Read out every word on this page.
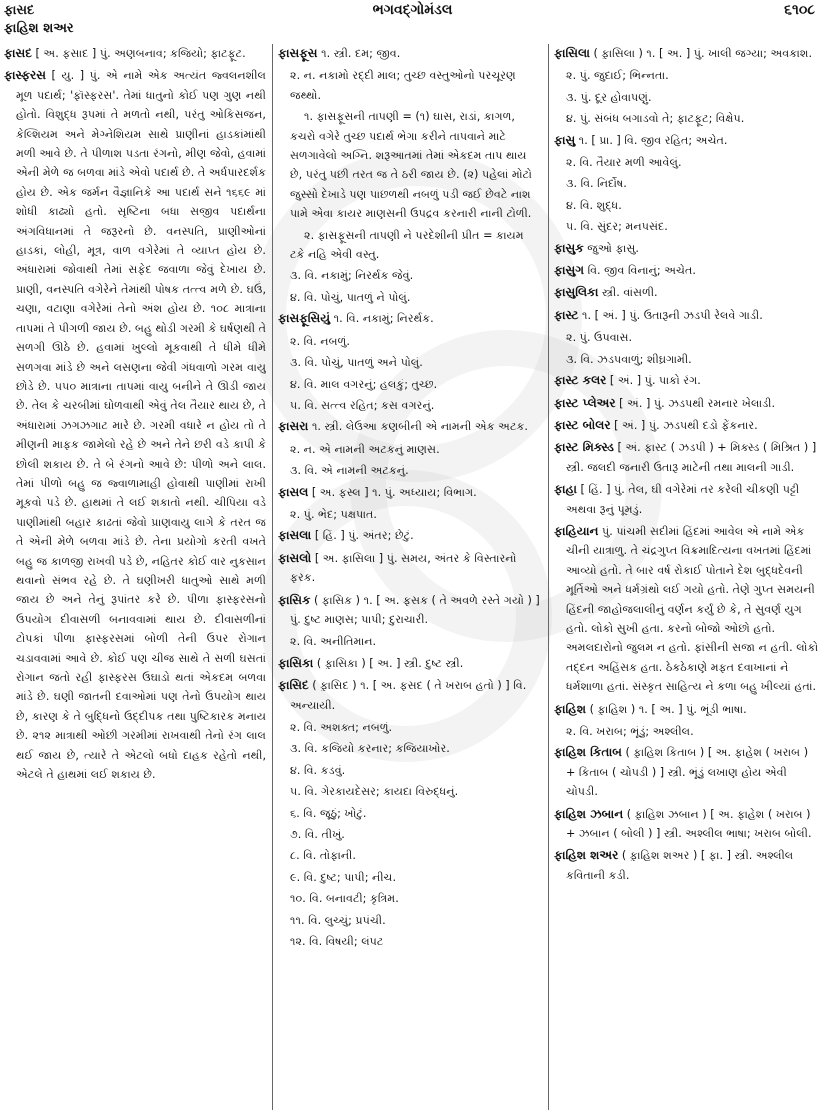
ફાસદ
ફાહિશ શઅર
ભગવદ્ગોમંડલ	૬૧૦૮
ફાસદ [ અ. ફસાદ ] પું. અણબનાવ; કજિયો; ફાટફૂટ.
ફાસ્ફરસ [ યુ. ] પું. એ નામે એક અત્યંત જ્વલનશીલ મૂળ પદાર્થ; 'ફૉસ્ફરસ'. તેમાં ધાતુનો કોઈ પણ ગુણ નથી હોતો. વિશુદ્ધ રૂપમાં તે મળતો નથી, પરંતુ ઓકિસજન, કેલ્શિયમ અને મેગ્નેશિયમ સાથે પ્રાણીનાં હાડકાંમાંથી મળી આવે છે. તે પીળાશ પડતા રંગનો, મીણ જેવો, હવામાં એની મેળે જ બળવા માંડે એવો પદાર્થ છે. તે અર્ધપારદર્શક હોય છે. એક જર્મન વૈજ્ઞાનિકે આ પદાર્થ સને ૧૬૬૯ માં શોધી કાઢ્યો હતો. સૃષ્ટિના બધા સજીવ પદાર્થના અંગવિધાનમાં તે જરૂરનો છે. વનસ્પતિ, પ્રાણીઓનાં હાડકાં, લોહી, મૂત્ર, વાળ વગેરેમાં તે વ્યાપ્ત હોય છે. અંધારામાં જોવાથી તેમાં સફેદ જવાળા જેવું દેખાય છે. પ્રાણી, વનસ્પતિ વગેરેને તેમાંથી પોષક તત્ત્વ મળે છે. ઘઉં, ચણા, વટાણા વગેરેમાં તેનો અંશ હોય છે. ૧૦૮ માત્રાના તાપમાં તે પીગળી જાય છે. બહુ થોડી ગરમી કે ઘર્ષણથી તે સળગી ઊઠે છે. હવામાં ખુલ્લો મૂકવાથી તે ધીમે ધીમે સળગવા માંડે છે અને લસણના જેવી ગંધવાળો ગરમ વાયુ છોડે છે. ૫૫૦ માત્રાના તાપમાં વાયુ બનીને તે ઊડી જાય છે. તેલ કે ચરબીમાં ઘોળવાથી એવું તેલ તૈયાર થાય છે, તે અંધારામાં ઝગઝગાટ મારે છે. ગરમી વધારે ન હોય તો તે મીણની માફક જામેલો રહે છે અને તેને છરી વડે કાપી કે છોલી શકાય છે. તે બે રંગનો આવે છે: પીળો અને લાલ. તેમાં પીળો બહુ જ જ્વાળામાહી હોવાથી પાણીમાં રાખી મૂકવો પડે છે. હાથમાં તે લઈ શકાતો નથી. ચીપિયા વડે પાણીમાંથી બહાર કાઢતાં જેવો પ્રાણવાયુ લાગે કે તરત જ તે એની મેળે બળવા માંડે છે. તેના પ્રયોગો કરતી વખતે બહુ જ કાળજી રાખવી પડે છે, નહિતર કોઈ વાર નુકસાન થવાનો સંભવ રહે છે. તે ઘણીખરી ધાતુઓ સાથે મળી જાય છે અને તેનું રૂપાંતર કરે છે. પીળા ફાસ્ફરસનો ઉપયોગ દીવાસળી બનાવવામાં થાય છે. દીવાસળીનાં ટોપકાં પીળા ફાસ્ફરસમાં બોળી તેની ઉપર રોગાન ચડાવવામાં આવે છે. કોઈ પણ ચીજ સાથે તે સળી ઘસતાં રોગાન જતો રહી ફાસ્ફરસ ઉઘાડો થતાં એકદમ બળવા માંડે છે. ઘણી જાતની દવાઓમાં પણ તેનો ઉપયોગ થાય છે, કારણ કે તે બુદ્ધિનો ઉદ્દીપક તથા પુષ્ટિકારક મનાય છે. ૨૧૨ માત્રાથી ઓછી ગરમીમાં રાખવાથી તેનો રંગ લાલ થઈ જાય છે, ત્યારે તે એટલો બધો દાહક રહેતો નથી, એટલે તે હાથમાં લઈ શકાય છે.
ફાસફૂસ ૧. સ્ત્રી. દમ; જીવ.
૨. ન. નકામો રદ્દી માલ; તુચ્છ વસ્તુઓનો પરચૂરણ જથ્થો.
૧. ફાસફૂસની તાપણી = (૧) ઘાસ, રાડાં, કાગળ, કચરો વગેરે તુચ્છ પદાર્થ ભેગા કરીને તાપવાને માટે સળગાવેલો અગ્નિ. શરૂઆતમાં તેમાં એકદમ તાપ થાય છે, પરંતુ પછી તરત જ તે ઠરી જાય છે. (૨) પહેલાં મોટો જુસ્સો દેખાડે પણ પાછળથી નબળું પડી જઈ છેવટે નાશ પામે એવા કાયર માણસની ઉપદ્રવ કરનારી નાની ટોળી.
૨. ફાસફૂસની તાપણી ને પરદેશીની પ્રીત = કાયમ ટકે નહિ એવી વસ્તુ.
૩. વિ. નકામું; નિરર્થક જેવું.
૪. વિ. પોચું, પાતળું ને પોલું.
ફાસફૂસિયું ૧. વિ. નકામું; નિરર્થક.
૨. વિ. નબળું.
૩. વિ. પોચું, પાતળું અને પોલું.
૪. વિ. માલ વગરનું; હલકું; તુચ્છ.
૫. વિ. સત્ત્વ રહિત; કસ વગરનું.
ફાસરા ૧. સ્ત્રી. લેઉઆ કણબીની એ નામની એક અટક.
૨. ન. એ નામની અટકનું માણસ.
૩. વિ. એ નામની અટકનું.
ફાસલ [ અ. ફસ્લ ] ૧. પું. અધ્યાય; વિભાગ.
૨. પું. ભેદ; પક્ષપાત.
ફાસલા [ હિં. ] પું. અંતર; છેટું.
ફાસલો [ અ. ફાસિલા ] પું. સમય, અંતર કે વિસ્તારનો ફરક.
ફાસિક ( ફાસિક઼ ) ૧. [ અ. ફસક ( તે અવળે રસ્તે ગયો ) ] પું. દુષ્ટ માણસ; પાપી; દુરાચારી.
૨. વિ. અનીતિમાન.
ફાસિકા ( ફ઼ાસિક઼ા ) [ અ. ] સ્ત્રી. દુષ્ટ સ્ત્રી.
ફાસિદ ( ફ઼ાસિદ ) ૧. [ અ. ફસદ ( તે ખરાબ હતો ) ] વિ. અન્યાયી.
૨. વિ. અશક્ત; નબળું.
૩. વિ. કજિયો કરનાર; કજિયાખોર.
૪. વિ. કડવું.
૫. વિ. ગેરકાયદેસર; કાયદા વિરુદ્ધનું.
૬. વિ. જૂઠું; ખોટું.
૭. વિ. તીખું.
૮. વિ. તોફાની.
૯. વિ. દુષ્ટ; પાપી; નીચ.
૧૦. વિ. બનાવટી; કૃત્રિમ.
૧૧. વિ. લુચ્ચું; પ્રપંચી.
૧૨. વિ. વિષયી; લંપટ
ફાસિલા ( ફ઼ાસિલા ) ૧. [ અ. ] પું. ખાલી જગ્યા; અવકાશ.
૨. પું. જુદાઈ; ભિન્નતા.
૩. પું. દૂર હોવાપણું.
૪. પું. સંબંધ બગાડવો તે; ફાટફૂટ; વિક્ષેપ.
ફાસુ ૧. [ પ્રા. ] વિ. જીવ રહિત; અચેત.
૨. વિ. તૈયાર મળી આવેલું.
૩. વિ. નિર્દોષ.
૪. વિ. શુદ્ધ.
૫. વિ. સુંદર; મનપસંદ.
ફાસુક જુઓ ફાસુ.
ફાસુગ વિ. જીવ વિનાનું; અચેત.
ફાસુલિકા સ્ત્રી. વાંસળી.
ફાસ્ટ ૧. [ અં. ] પું. ઉતારૂની ઝડપી રેલવે ગાડી.
૨. પું. ઉપવાસ.
૩. વિ. ઝડપવાળું; શીઘ્રગામી.
ફાસ્ટ કલર [ અં. ] પું. પાકો રંગ.
ફાસ્ટ પ્લેઅર [ અં. ] પું. ઝડપથી રમનાર ખેલાડી.
ફાસ્ટ બોલર [ અં. ] પું. ઝડપથી દડો ફેંકનાર.
ફાસ્ટ મિક્સ્ડ [ અં. ફાસ્ટ ( ઝડપી ) + મિક્સ્ડ ( મિશ્રિત ) ] સ્ત્રી. જલદી જનારી ઉતારૂ માટેની તથા માલની ગાડી.
ફાહા [ હિં. ] પું. તેલ, ઘી વગેરેમાં તર કરેલી ચીકણી પટ્ટી અથવા રૂનું પૂમડું.
ફાહિયાન પું. પાંચમી સદીમાં હિંદમાં આવેલ એ નામે એક ચીની યાત્રાળુ. તે ચંદ્રગુપ્ત વિક્રમાદિત્યના વખતમાં હિંદમાં આવ્યો હતો. તે બાર વર્ષ રોકાઈ પોતાને દેશ બુદ્ધદેવની મૂર્તિઓ અને ધર્મગ્રંથો લઈ ગયો હતો. તેણે ગુપ્ત સમયની હિંદની જાહોજલાલીનું વર્ણન કર્યું છે કે, તે સુવર્ણ યુગ હતો. લોકો સુખી હતા. કરનો બોજો ઓછો હતો. અમલદારોનો જુલમ ન હતો. ફાંસીની સજા ન હતી. લોકો તદ્દન અહિંસક હતા. ઠેકઠેકાણે મફત દવાખાનાં ને ધર્મશાળા હતાં. સંસ્કૃત સાહિત્ય ને કળા બહુ ખીલ્યાં હતાં.
ફાહિશ ( ફ઼ાહિશ ) ૧. [ અ. ] પું. ભૂંડી ભાષા.
૨. વિ. ખરાબ; ભૂંડું; અશ્લીલ.
ફાહિશ કિતાબ ( ફ઼ાહિશ કિતાબ ) [ અ. ફાહેશ ( ખરાબ ) + કિતાબ ( ચોપડી ) ] સ્ત્રી. ભૂંડું લખાણ હોય એવી ચોપડી.
ફાહિશ ઝબાન ( ફ઼ાહિશ ઝબાન ) [ અ. ફાહેશ ( ખરાબ ) + ઝબાન ( બોલી ) ] સ્ત્રી. અશ્લીલ ભાષા; ખરાબ બોલી.
ફાહિશ શઅર ( ફ઼ાહિશ શઅર ) [ ફા. ] સ્ત્રી. અશ્લીલ કવિતાની કડી.
